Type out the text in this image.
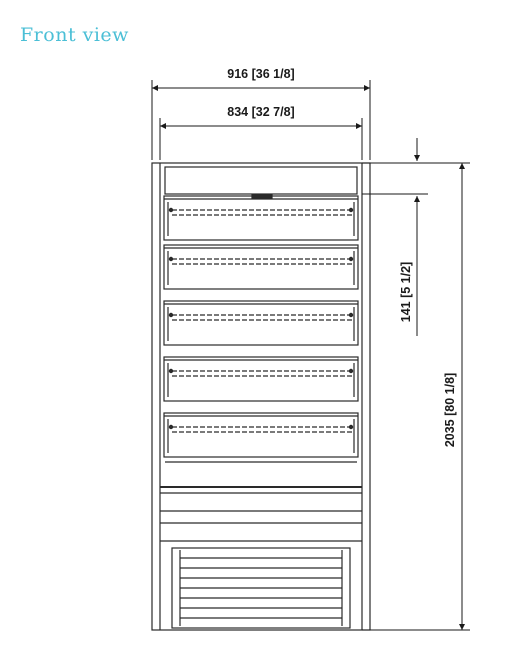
Front view
916 [36 1/8]
834 [32 7/8]
141 [5 1/2]
2035 [80 1/8]
